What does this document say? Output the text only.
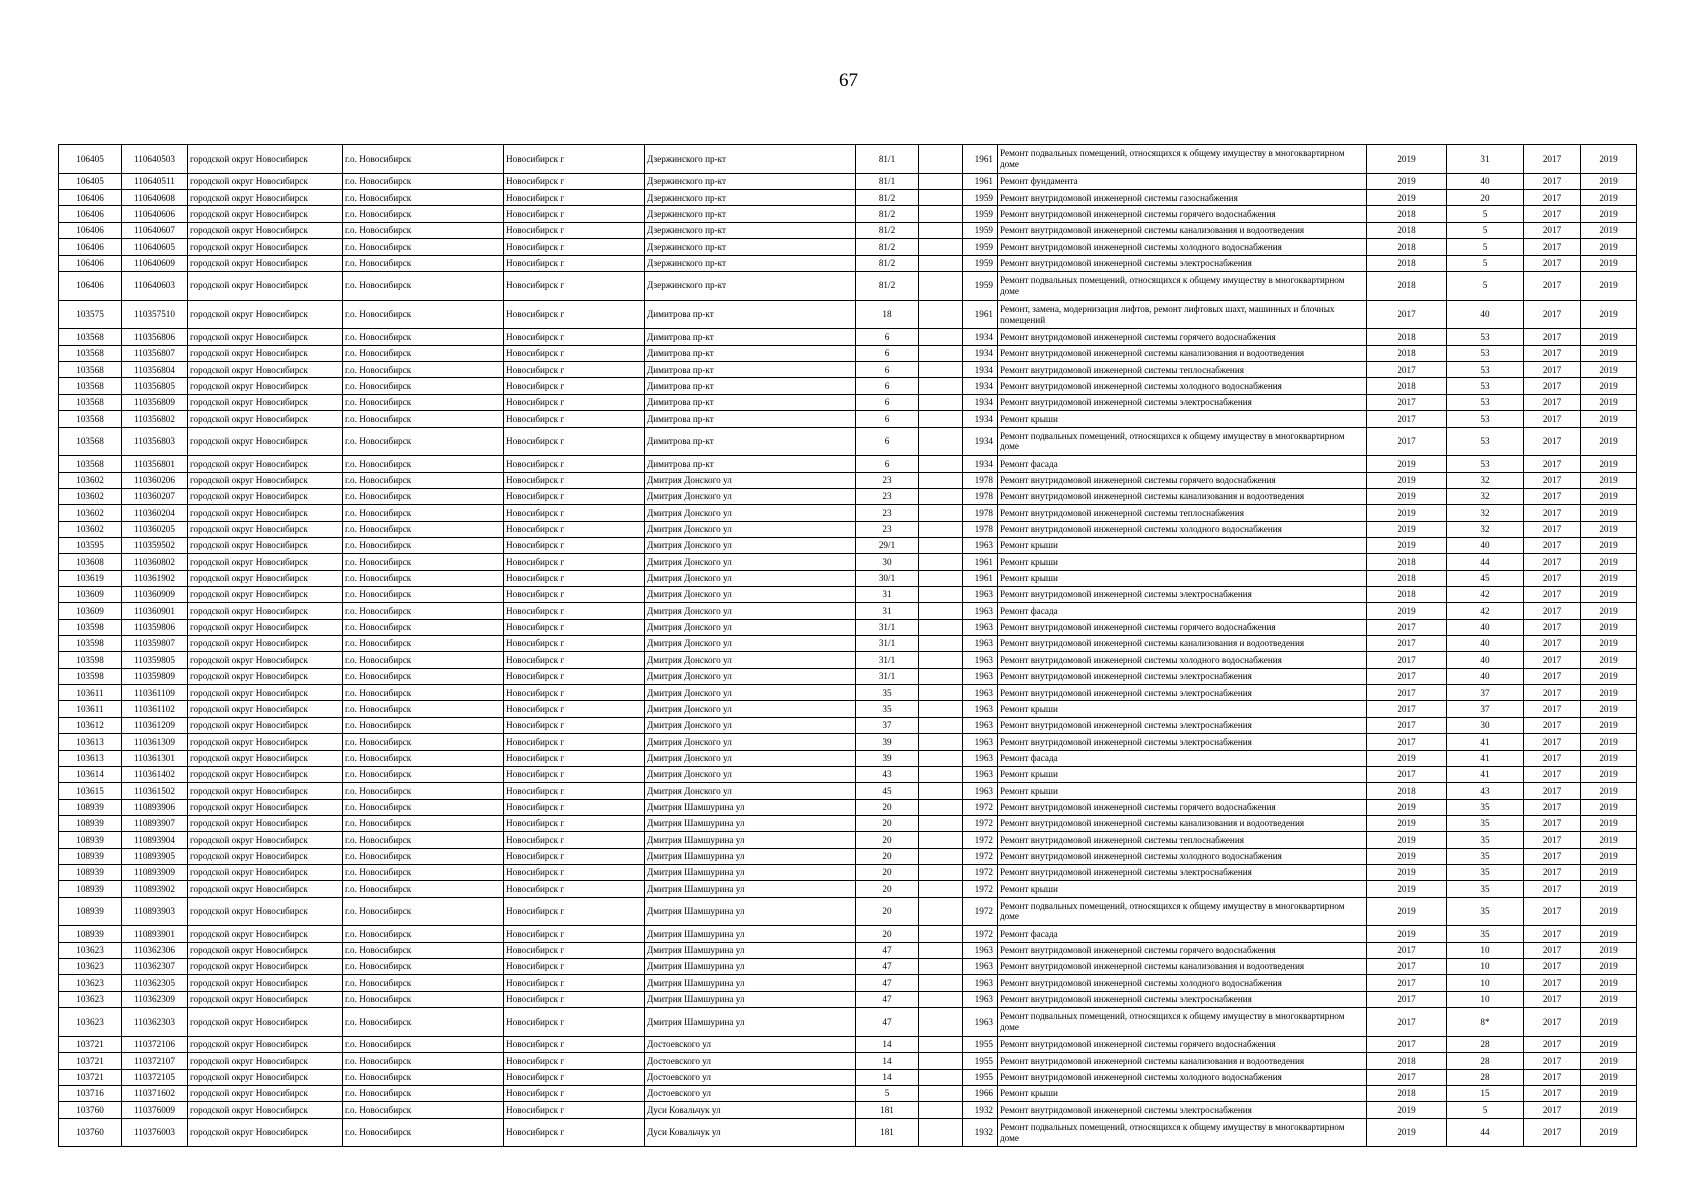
67
106405	110640503	городской округ Новосибирск	г.о. Новосибирск	Новосибирск г	Дзержинского пр-кт	81/1		1961	Ремонт подвальных помещений, относящихся к общему имуществу в многоквартирном доме	2019	31	2017	2019
106405	110640511	городской округ Новосибирск	г.о. Новосибирск	Новосибирск г	Дзержинского пр-кт	81/1		1961	Ремонт фундамента	2019	40	2017	2019
106406	110640608	городской округ Новосибирск	г.о. Новосибирск	Новосибирск г	Дзержинского пр-кт	81/2		1959	Ремонт внутридомовой инженерной системы газоснабжения	2019	20	2017	2019
106406	110640606	городской округ Новосибирск	г.о. Новосибирск	Новосибирск г	Дзержинского пр-кт	81/2		1959	Ремонт внутридомовой инженерной системы горячего водоснабжения	2018	5	2017	2019
106406	110640607	городской округ Новосибирск	г.о. Новосибирск	Новосибирск г	Дзержинского пр-кт	81/2		1959	Ремонт внутридомовой инженерной системы канализования и водоотведения	2018	5	2017	2019
106406	110640605	городской округ Новосибирск	г.о. Новосибирск	Новосибирск г	Дзержинского пр-кт	81/2		1959	Ремонт внутридомовой инженерной системы холодного водоснабжения	2018	5	2017	2019
106406	110640609	городской округ Новосибирск	г.о. Новосибирск	Новосибирск г	Дзержинского пр-кт	81/2		1959	Ремонт внутридомовой инженерной системы электроснабжения	2018	5	2017	2019
106406	110640603	городской округ Новосибирск	г.о. Новосибирск	Новосибирск г	Дзержинского пр-кт	81/2		1959	Ремонт подвальных помещений, относящихся к общему имуществу в многоквартирном доме	2018	5	2017	2019
103575	110357510	городской округ Новосибирск	г.о. Новосибирск	Новосибирск г	Димитрова пр-кт	18		1961	Ремонт, замена, модернизация лифтов, ремонт лифтовых шахт, машинных и блочных помещений	2017	40	2017	2019
103568	110356806	городской округ Новосибирск	г.о. Новосибирск	Новосибирск г	Димитрова пр-кт	6		1934	Ремонт внутридомовой инженерной системы горячего водоснабжения	2018	53	2017	2019
103568	110356807	городской округ Новосибирск	г.о. Новосибирск	Новосибирск г	Димитрова пр-кт	6		1934	Ремонт внутридомовой инженерной системы канализования и водоотведения	2018	53	2017	2019
103568	110356804	городской округ Новосибирск	г.о. Новосибирск	Новосибирск г	Димитрова пр-кт	6		1934	Ремонт внутридомовой инженерной системы теплоснабжения	2017	53	2017	2019
103568	110356805	городской округ Новосибирск	г.о. Новосибирск	Новосибирск г	Димитрова пр-кт	6		1934	Ремонт внутридомовой инженерной системы холодного водоснабжения	2018	53	2017	2019
103568	110356809	городской округ Новосибирск	г.о. Новосибирск	Новосибирск г	Димитрова пр-кт	6		1934	Ремонт внутридомовой инженерной системы электроснабжения	2017	53	2017	2019
103568	110356802	городской округ Новосибирск	г.о. Новосибирск	Новосибирск г	Димитрова пр-кт	6		1934	Ремонт крыши	2017	53	2017	2019
103568	110356803	городской округ Новосибирск	г.о. Новосибирск	Новосибирск г	Димитрова пр-кт	6		1934	Ремонт подвальных помещений, относящихся к общему имуществу в многоквартирном доме	2017	53	2017	2019
103568	110356801	городской округ Новосибирск	г.о. Новосибирск	Новосибирск г	Димитрова пр-кт	6		1934	Ремонт фасада	2019	53	2017	2019
103602	110360206	городской округ Новосибирск	г.о. Новосибирск	Новосибирск г	Дмитрия Донского ул	23		1978	Ремонт внутридомовой инженерной системы горячего водоснабжения	2019	32	2017	2019
103602	110360207	городской округ Новосибирск	г.о. Новосибирск	Новосибирск г	Дмитрия Донского ул	23		1978	Ремонт внутридомовой инженерной системы канализования и водоотведения	2019	32	2017	2019
103602	110360204	городской округ Новосибирск	г.о. Новосибирск	Новосибирск г	Дмитрия Донского ул	23		1978	Ремонт внутридомовой инженерной системы теплоснабжения	2019	32	2017	2019
103602	110360205	городской округ Новосибирск	г.о. Новосибирск	Новосибирск г	Дмитрия Донского ул	23		1978	Ремонт внутридомовой инженерной системы холодного водоснабжения	2019	32	2017	2019
103595	110359502	городской округ Новосибирск	г.о. Новосибирск	Новосибирск г	Дмитрия Донского ул	29/1		1963	Ремонт крыши	2019	40	2017	2019
103608	110360802	городской округ Новосибирск	г.о. Новосибирск	Новосибирск г	Дмитрия Донского ул	30		1961	Ремонт крыши	2018	44	2017	2019
103619	110361902	городской округ Новосибирск	г.о. Новосибирск	Новосибирск г	Дмитрия Донского ул	30/1		1961	Ремонт крыши	2018	45	2017	2019
103609	110360909	городской округ Новосибирск	г.о. Новосибирск	Новосибирск г	Дмитрия Донского ул	31		1963	Ремонт внутридомовой инженерной системы электроснабжения	2018	42	2017	2019
103609	110360901	городской округ Новосибирск	г.о. Новосибирск	Новосибирск г	Дмитрия Донского ул	31		1963	Ремонт фасада	2019	42	2017	2019
103598	110359806	городской округ Новосибирск	г.о. Новосибирск	Новосибирск г	Дмитрия Донского ул	31/1		1963	Ремонт внутридомовой инженерной системы горячего водоснабжения	2017	40	2017	2019
103598	110359807	городской округ Новосибирск	г.о. Новосибирск	Новосибирск г	Дмитрия Донского ул	31/1		1963	Ремонт внутридомовой инженерной системы канализования и водоотведения	2017	40	2017	2019
103598	110359805	городской округ Новосибирск	г.о. Новосибирск	Новосибирск г	Дмитрия Донского ул	31/1		1963	Ремонт внутридомовой инженерной системы холодного водоснабжения	2017	40	2017	2019
103598	110359809	городской округ Новосибирск	г.о. Новосибирск	Новосибирск г	Дмитрия Донского ул	31/1		1963	Ремонт внутридомовой инженерной системы электроснабжения	2017	40	2017	2019
103611	110361109	городской округ Новосибирск	г.о. Новосибирск	Новосибирск г	Дмитрия Донского ул	35		1963	Ремонт внутридомовой инженерной системы электроснабжения	2017	37	2017	2019
103611	110361102	городской округ Новосибирск	г.о. Новосибирск	Новосибирск г	Дмитрия Донского ул	35		1963	Ремонт крыши	2017	37	2017	2019
103612	110361209	городской округ Новосибирск	г.о. Новосибирск	Новосибирск г	Дмитрия Донского ул	37		1963	Ремонт внутридомовой инженерной системы электроснабжения	2017	30	2017	2019
103613	110361309	городской округ Новосибирск	г.о. Новосибирск	Новосибирск г	Дмитрия Донского ул	39		1963	Ремонт внутридомовой инженерной системы электроснабжения	2017	41	2017	2019
103613	110361301	городской округ Новосибирск	г.о. Новосибирск	Новосибирск г	Дмитрия Донского ул	39		1963	Ремонт фасада	2019	41	2017	2019
103614	110361402	городской округ Новосибирск	г.о. Новосибирск	Новосибирск г	Дмитрия Донского ул	43		1963	Ремонт крыши	2017	41	2017	2019
103615	110361502	городской округ Новосибирск	г.о. Новосибирск	Новосибирск г	Дмитрия Донского ул	45		1963	Ремонт крыши	2018	43	2017	2019
108939	110893906	городской округ Новосибирск	г.о. Новосибирск	Новосибирск г	Дмитрия Шамшурина ул	20		1972	Ремонт внутридомовой инженерной системы горячего водоснабжения	2019	35	2017	2019
108939	110893907	городской округ Новосибирск	г.о. Новосибирск	Новосибирск г	Дмитрия Шамшурина ул	20		1972	Ремонт внутридомовой инженерной системы канализования и водоотведения	2019	35	2017	2019
108939	110893904	городской округ Новосибирск	г.о. Новосибирск	Новосибирск г	Дмитрия Шамшурина ул	20		1972	Ремонт внутридомовой инженерной системы теплоснабжения	2019	35	2017	2019
108939	110893905	городской округ Новосибирск	г.о. Новосибирск	Новосибирск г	Дмитрия Шамшурина ул	20		1972	Ремонт внутридомовой инженерной системы холодного водоснабжения	2019	35	2017	2019
108939	110893909	городской округ Новосибирск	г.о. Новосибирск	Новосибирск г	Дмитрия Шамшурина ул	20		1972	Ремонт внутридомовой инженерной системы электроснабжения	2019	35	2017	2019
108939	110893902	городской округ Новосибирск	г.о. Новосибирск	Новосибирск г	Дмитрия Шамшурина ул	20		1972	Ремонт крыши	2019	35	2017	2019
108939	110893903	городской округ Новосибирск	г.о. Новосибирск	Новосибирск г	Дмитрия Шамшурина ул	20		1972	Ремонт подвальных помещений, относящихся к общему имуществу в многоквартирном доме	2019	35	2017	2019
108939	110893901	городской округ Новосибирск	г.о. Новосибирск	Новосибирск г	Дмитрия Шамшурина ул	20		1972	Ремонт фасада	2019	35	2017	2019
103623	110362306	городской округ Новосибирск	г.о. Новосибирск	Новосибирск г	Дмитрия Шамшурина ул	47		1963	Ремонт внутридомовой инженерной системы горячего водоснабжения	2017	10	2017	2019
103623	110362307	городской округ Новосибирск	г.о. Новосибирск	Новосибирск г	Дмитрия Шамшурина ул	47		1963	Ремонт внутридомовой инженерной системы канализования и водоотведения	2017	10	2017	2019
103623	110362305	городской округ Новосибирск	г.о. Новосибирск	Новосибирск г	Дмитрия Шамшурина ул	47		1963	Ремонт внутридомовой инженерной системы холодного водоснабжения	2017	10	2017	2019
103623	110362309	городской округ Новосибирск	г.о. Новосибирск	Новосибирск г	Дмитрия Шамшурина ул	47		1963	Ремонт внутридомовой инженерной системы электроснабжения	2017	10	2017	2019
103623	110362303	городской округ Новосибирск	г.о. Новосибирск	Новосибирск г	Дмитрия Шамшурина ул	47		1963	Ремонт подвальных помещений, относящихся к общему имуществу в многоквартирном доме	2017	8*	2017	2019
103721	110372106	городской округ Новосибирск	г.о. Новосибирск	Новосибирск г	Достоевского ул	14		1955	Ремонт внутридомовой инженерной системы горячего водоснабжения	2017	28	2017	2019
103721	110372107	городской округ Новосибирск	г.о. Новосибирск	Новосибирск г	Достоевского ул	14		1955	Ремонт внутридомовой инженерной системы канализования и водоотведения	2018	28	2017	2019
103721	110372105	городской округ Новосибирск	г.о. Новосибирск	Новосибирск г	Достоевского ул	14		1955	Ремонт внутридомовой инженерной системы холодного водоснабжения	2017	28	2017	2019
103716	110371602	городской округ Новосибирск	г.о. Новосибирск	Новосибирск г	Достоевского ул	5		1966	Ремонт крыши	2018	15	2017	2019
103760	110376009	городской округ Новосибирск	г.о. Новосибирск	Новосибирск г	Дуси Ковальчук ул	181		1932	Ремонт внутридомовой инженерной системы электроснабжения	2019	5	2017	2019
103760	110376003	городской округ Новосибирск	г.о. Новосибирск	Новосибирск г	Дуси Ковальчук ул	181		1932	Ремонт подвальных помещений, относящихся к общему имуществу в многоквартирном доме	2019	44	2017	2019
